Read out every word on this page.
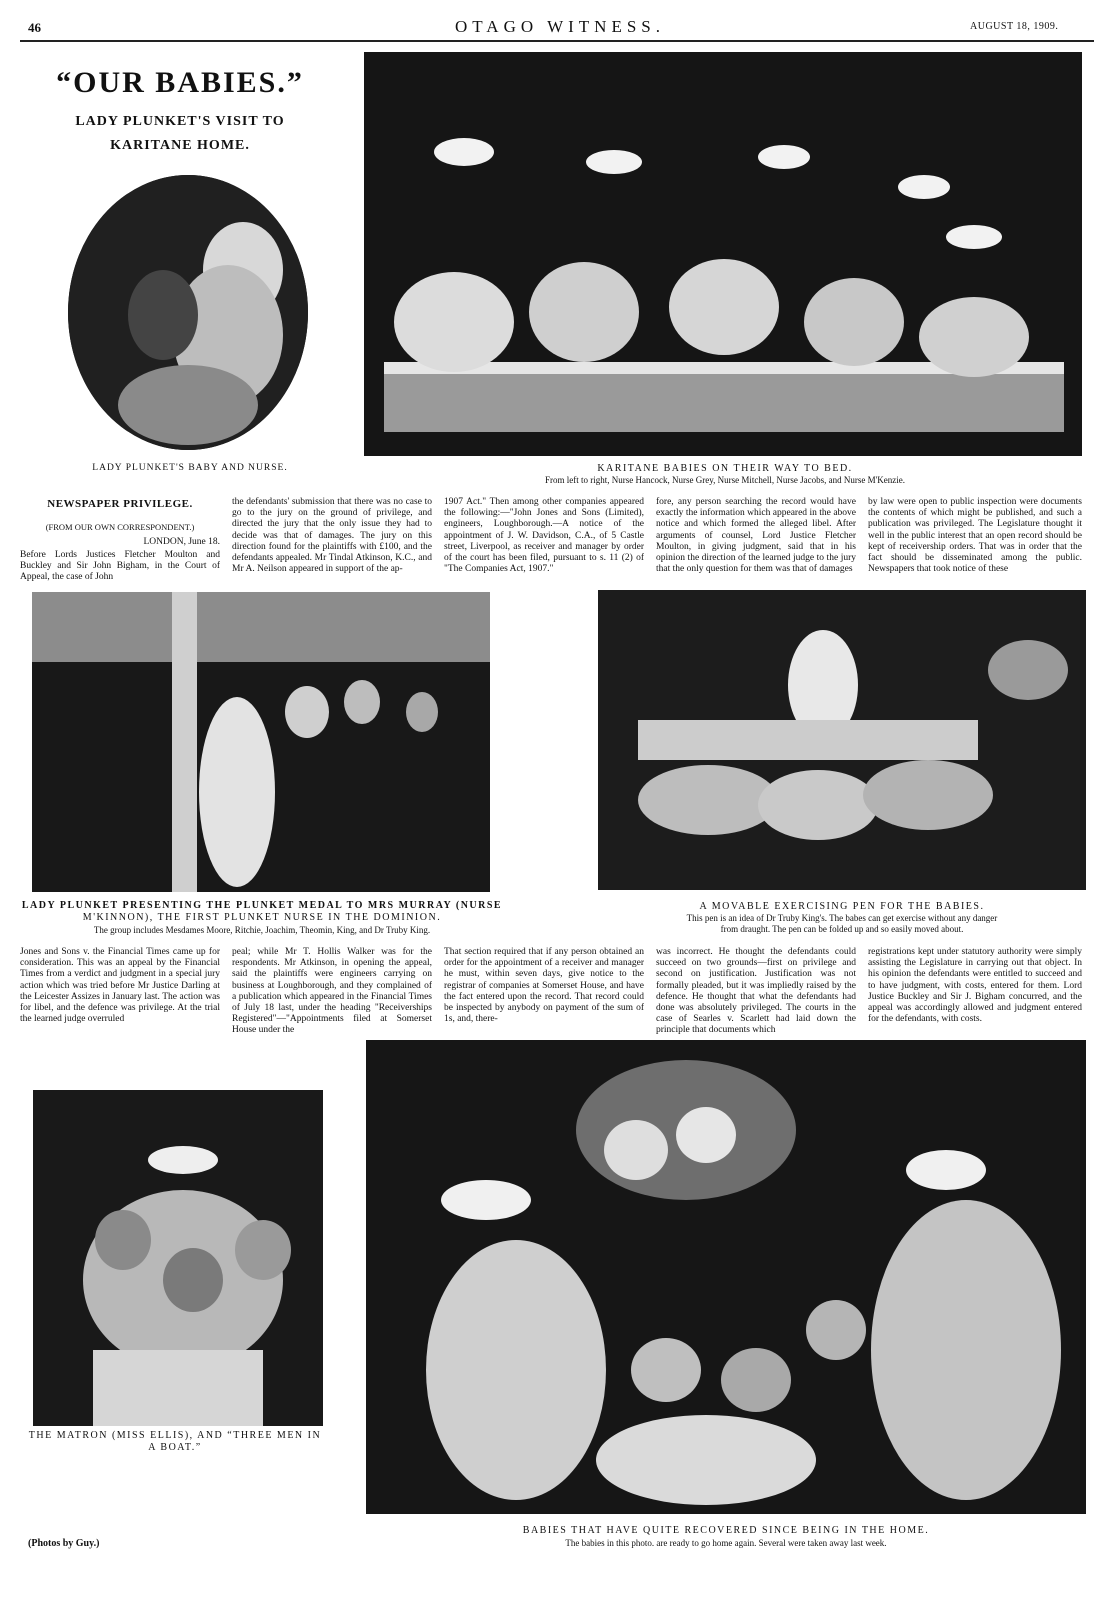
46	OTAGO WITNESS.	AUGUST 18, 1909.
“OUR BABIES.”
LADY PLUNKET'S VISIT TO
KARITANE HOME.
LADY PLUNKET'S BABY AND NURSE.	KARITANE BABIES ON THEIR WAY TO BED.
From left to right, Nurse Hancock, Nurse Grey, Nurse Mitchell, Nurse Jacobs, and Nurse M'Kenzie.
NEWSPAPER PRIVILEGE.
(FROM OUR OWN CORRESPONDENT.)
LONDON, June 18.
Before Lords Justices Fletcher Moulton and Buckley and Sir John Bigham, in the Court of Appeal, the case of John
the defendants' submission that there was no case to go to the jury on the ground of privilege, and directed the jury that the only issue they had to decide was that of damages. The jury on this direction found for the plaintiffs with £100, and the defendants appealed. Mr Tindal Atkinson, K.C., and Mr A. Neilson appeared in support of the ap-
1907 Act." Then among other companies appeared the following:—"John Jones and Sons (Limited), engineers, Loughborough.—A notice of the appointment of J. W. Davidson, C.A., of 5 Castle street, Liverpool, as receiver and manager by order of the court has been filed, pursuant to s. 11 (2) of "The Companies Act, 1907."
fore, any person searching the record would have exactly the information which appeared in the above notice and which formed the alleged libel. After arguments of counsel, Lord Justice Fletcher Moulton, in giving judgment, said that in his opinion the direction of the learned judge to the jury that the only question for them was that of damages
by law were open to public inspection were documents the contents of which might be published, and such a publication was privileged. The Legislature thought it well in the public interest that an open record should be kept of receivership orders. That was in order that the fact should be disseminated among the public. Newspapers that took notice of these
LADY PLUNKET PRESENTING THE PLUNKET MEDAL TO MRS MURRAY (NURSE
M'KINNON), THE FIRST PLUNKET NURSE IN THE DOMINION.
The group includes Mesdames Moore, Ritchie, Joachim, Theomin, King, and Dr Truby King.
A MOVABLE EXERCISING PEN FOR THE BABIES.
This pen is an idea of Dr Truby King's. The babes can get exercise without any danger
from draught. The pen can be folded up and so easily moved about.
Jones and Sons v. the Financial Times came up for consideration. This was an appeal by the Financial Times from a verdict and judgment in a special jury action which was tried before Mr Justice Darling at the Leicester Assizes in January last. The action was for libel, and the defence was privilege. At the trial the learned judge overruled
peal; while Mr T. Hollis Walker was for the respondents. Mr Atkinson, in opening the appeal, said the plaintiffs were engineers carrying on business at Loughborough, and they complained of a publication which appeared in the Financial Times of July 18 last, under the heading "Receiverships Registered"—"Appointments filed at Somerset House under the
That section required that if any person obtained an order for the appointment of a receiver and manager he must, within seven days, give notice to the registrar of companies at Somerset House, and have the fact entered upon the record. That record could be inspected by anybody on payment of the sum of 1s, and, there-
was incorrect. He thought the defendants could succeed on two grounds—first on privilege and second on justification. Justification was not formally pleaded, but it was impliedly raised by the defence. He thought that what the defendants had done was absolutely privileged. The courts in the case of Searles v. Scarlett had laid down the principle that documents which
registrations kept under statutory authority were simply assisting the Legislature in carrying out that object. In his opinion the defendants were entitled to succeed and to have judgment, with costs, entered for them. Lord Justice Buckley and Sir J. Bigham concurred, and the appeal was accordingly allowed and judgment entered for the defendants, with costs.
THE MATRON (MISS ELLIS), AND “THREE MEN IN
A BOAT.”
BABIES THAT HAVE QUITE RECOVERED SINCE BEING IN THE HOME.
The babies in this photo. are ready to go home again. Several were taken away last week.
(Photos by Guy.)
